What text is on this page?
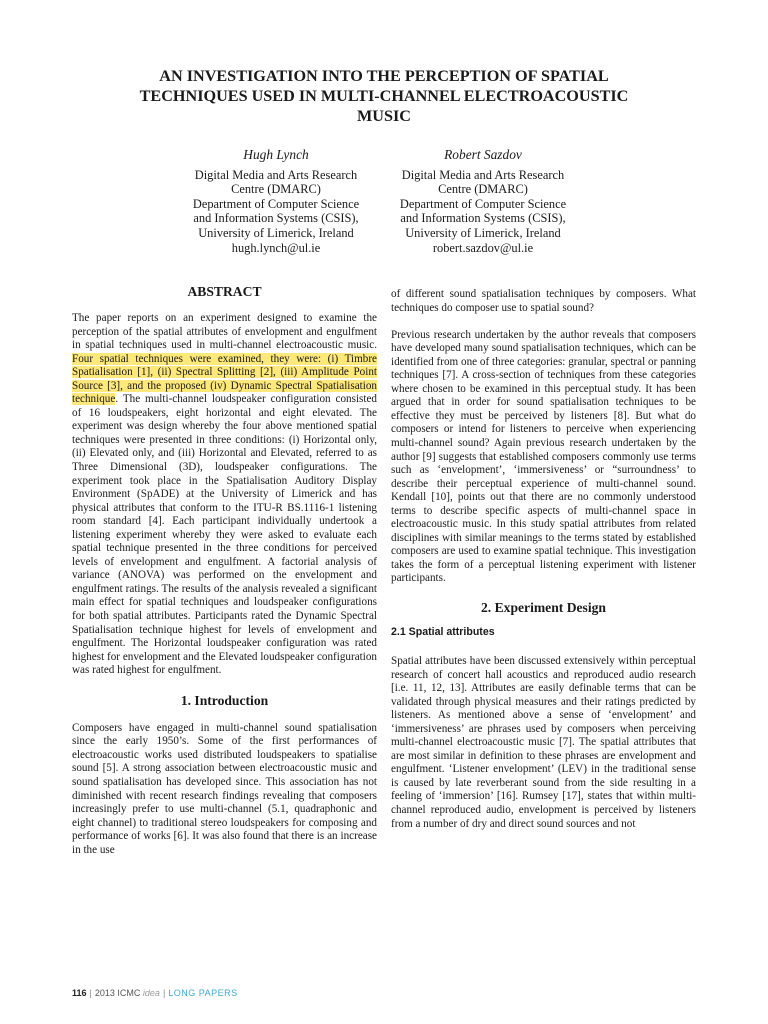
AN INVESTIGATION INTO THE PERCEPTION OF SPATIAL
TECHNIQUES USED IN MULTI-CHANNEL ELECTROACOUSTIC
MUSIC
Hugh Lynch
Digital Media and Arts Research
Centre (DMARC)
Department of Computer Science
and Information Systems (CSIS),
University of Limerick, Ireland
hugh.lynch@ul.ie
Robert Sazdov
Digital Media and Arts Research
Centre (DMARC)
Department of Computer Science
and Information Systems (CSIS),
University of Limerick, Ireland
robert.sazdov@ul.ie
ABSTRACT

The paper reports on an experiment designed to examine the perception of the spatial attributes of envelopment and engulfment in spatial techniques used in multi-channel electroacoustic music. Four spatial techniques were examined, they were: (i) Timbre Spatialisation [1], (ii) Spectral Splitting [2], (iii) Amplitude Point Source [3], and the proposed (iv) Dynamic Spectral Spatialisation technique. The multi-channel loudspeaker configuration consisted of 16 loudspeakers, eight horizontal and eight elevated. The experiment was design whereby the four above mentioned spatial techniques were presented in three conditions: (i) Horizontal only, (ii) Elevated only, and (iii) Horizontal and Elevated, referred to as Three Dimensional (3D), loudspeaker configurations. The experiment took place in the Spatialisation Auditory Display Environment (SpADE) at the University of Limerick and has physical attributes that conform to the ITU-R BS.1116-1 listening room standard [4]. Each participant individually undertook a listening experiment whereby they were asked to evaluate each spatial technique presented in the three conditions for perceived levels of envelopment and engulfment. A factorial analysis of variance (ANOVA) was performed on the envelopment and engulfment ratings. The results of the analysis revealed a significant main effect for spatial techniques and loudspeaker configurations for both spatial attributes. Participants rated the Dynamic Spectral Spatialisation technique highest for levels of envelopment and engulfment. The Horizontal loudspeaker configuration was rated highest for envelopment and the Elevated loudspeaker configuration was rated highest for engulfment.

1. Introduction

Composers have engaged in multi-channel sound spatialisation since the early 1950’s. Some of the first performances of electroacoustic works used distributed loudspeakers to spatialise sound [5]. A strong association between electroacoustic music and sound spatialisation has developed since. This association has not diminished with recent research findings revealing that composers increasingly prefer to use multi-channel (5.1, quadraphonic and eight channel) to traditional stereo loudspeakers for composing and performance of works [6]. It was also found that there is an increase in the use

of different sound spatialisation techniques by composers. What techniques do composer use to spatial sound?

Previous research undertaken by the author reveals that composers have developed many sound spatialisation techniques, which can be identified from one of three categories: granular, spectral or panning techniques [7]. A cross-section of techniques from these categories where chosen to be examined in this perceptual study. It has been argued that in order for sound spatialisation techniques to be effective they must be perceived by listeners [8]. But what do composers or intend for listeners to perceive when experiencing multi-channel sound? Again previous research undertaken by the author [9] suggests that established composers commonly use terms such as ‘envelopment’, ‘immersiveness’ or “surroundness’ to describe their perceptual experience of multi-channel sound. Kendall [10], points out that there are no commonly understood terms to describe specific aspects of multi-channel space in electroacoustic music. In this study spatial attributes from related disciplines with similar meanings to the terms stated by established composers are used to examine spatial technique. This investigation takes the form of a perceptual listening experiment with listener participants.

2. Experiment Design
2.1 Spatial attributes

Spatial attributes have been discussed extensively within perceptual research of concert hall acoustics and reproduced audio research [i.e. 11, 12, 13]. Attributes are easily definable terms that can be validated through physical measures and their ratings predicted by listeners. As mentioned above a sense of ‘envelopment’ and ‘immersiveness’ are phrases used by composers when perceiving multi-channel electroacoustic music [7]. The spatial attributes that are most similar in definition to these phrases are envelopment and engulfment. ‘Listener envelopment’ (LEV) in the traditional sense is caused by late reverberant sound from the side resulting in a feeling of ‘immersion’ [16]. Rumsey [17], states that within multi-channel reproduced audio, envelopment is perceived by listeners from a number of dry and direct sound sources and not

116 | 2013 ICMC idea | LONG PAPERS
